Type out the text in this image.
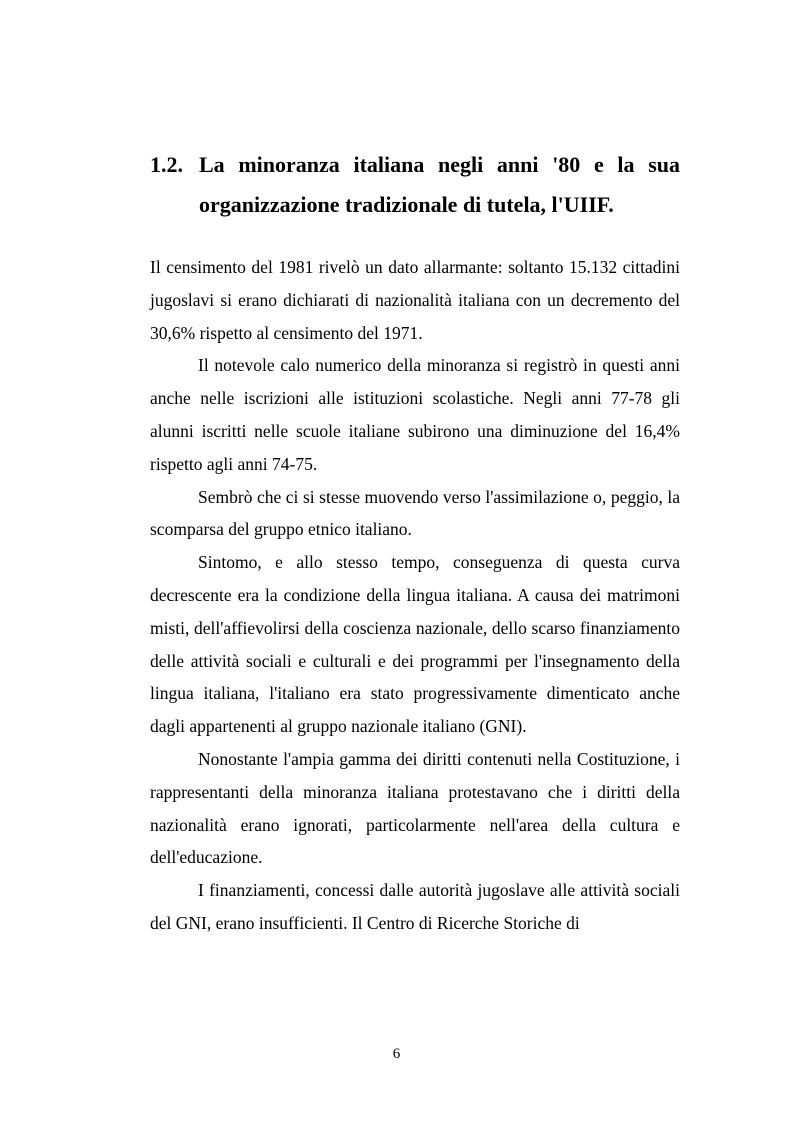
1.2. La minoranza italiana negli anni '80 e la sua organizzazione tradizionale di tutela, l'UIIF.

Il censimento del 1981 rivelò un dato allarmante: soltanto 15.132 cittadini jugoslavi si erano dichiarati di nazionalità italiana con un decremento del 30,6% rispetto al censimento del 1971.

Il notevole calo numerico della minoranza si registrò in questi anni anche nelle iscrizioni alle istituzioni scolastiche. Negli anni 77-78 gli alunni iscritti nelle scuole italiane subirono una diminuzione del 16,4% rispetto agli anni 74-75.

Sembrò che ci si stesse muovendo verso l'assimilazione o, peggio, la scomparsa del gruppo etnico italiano.

Sintomo, e allo stesso tempo, conseguenza di questa curva decrescente era la condizione della lingua italiana. A causa dei matrimoni misti, dell'affievolirsi della coscienza nazionale, dello scarso finanziamento delle attività sociali e culturali e dei programmi per l'insegnamento della lingua italiana, l'italiano era stato progressivamente dimenticato anche dagli appartenenti al gruppo nazionale italiano (GNI).

Nonostante l'ampia gamma dei diritti contenuti nella Costituzione, i rappresentanti della minoranza italiana protestavano che i diritti della nazionalità erano ignorati, particolarmente nell'area della cultura e dell'educazione.

I finanziamenti, concessi dalle autorità jugoslave alle attività sociali del GNI, erano insufficienti. Il Centro di Ricerche Storiche di

6
